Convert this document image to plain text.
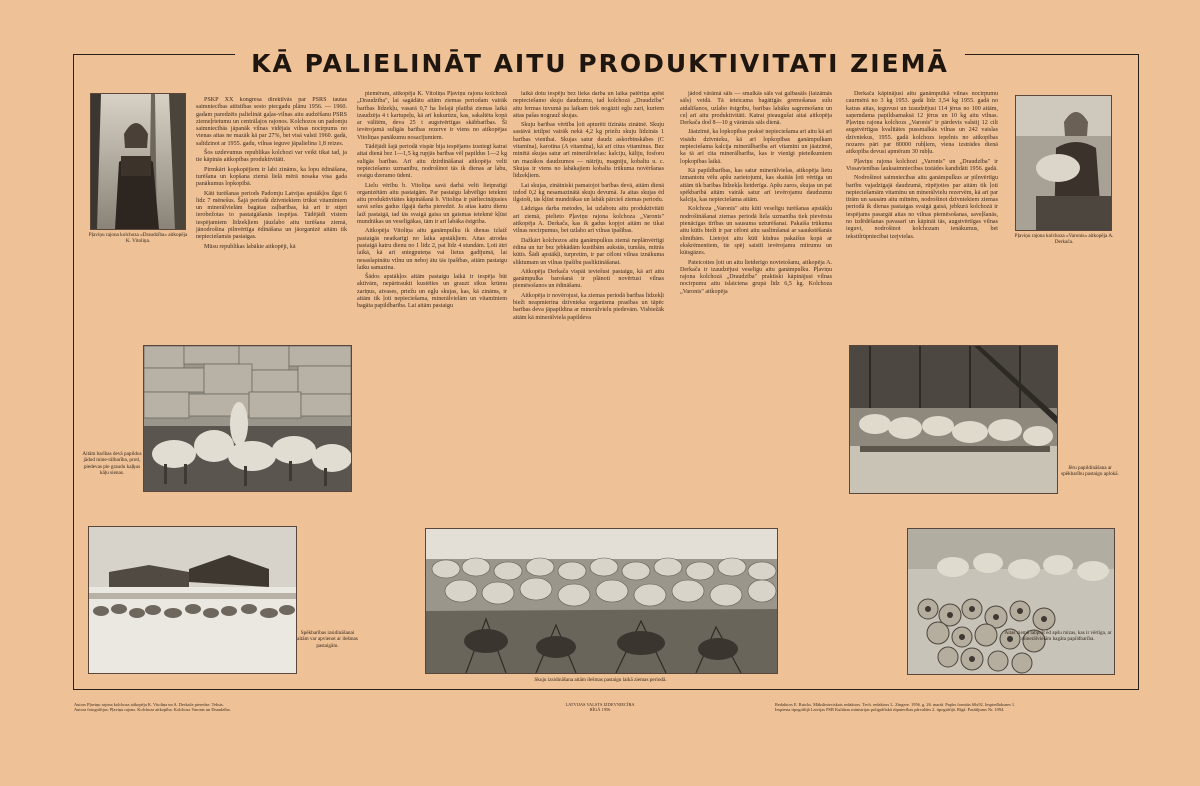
KĀ PALIELINĀT AITU PRODUKTIVITATI ZIEMĀ
Pļaviņu rajona kolchoza «Draudzība» aitkopēja K. Vitoliņa.

PSKP XX kongresa direktīvās par PSRS tautas saimniecības attīstības sesto piecgadu plānu 1956. — 1960. gadam paredzēts palielināt gaļas-vilnas aitu audzēšanu PSRS ziemeļrietumu un centrālajos rajonos. Kolchozos un padomju saimniecībās jāpanāk vilnas vidējais vilnas nocirpums no vienas aitas ne mazāk kā par 27%, bet visā valstī 1960. gadā, salīdzinot ar 1955. gadu, vilnas ieguve jāpalielina 1,8 reizes.

Šos uzdevumus republikas kolchozi var veikt tikai tad, ja tie kāpinās aitkopības produktivitāti.

Pirmkārt kopkopējiem ir labi zināms, ka lopu ēdināšana, turēšana un kopšana ziemā lielā mērā nosaka visa gada panākumus lopkopībā.

Kāti turēšanas periods Padomju Latvijas apstākļos ilgst 6 līdz 7 mēnešus. Šajā periodā dzīvniekiem trūkst vitamīniem un minerālvielām bagātas zaļbarības, kā arī ir stipri ierobežotas to pastaigāšanās iespējas. Tādējādi visiem iespējamiem līdzekļiem jāuzlabo aitu turēšana ziemā, jānodrošina pilnvērtīga ēdināšana un jāorganizē aitām tik nepieciešamās pastaigas.

Mūsu republikas labākie aitkopēji, kā

Aitām barības devā papildus jādod mine-rālbarība, proti, piedevas pie graudu kaļķus kāļu sienas.

piemēram, aitkopēja K. Vitoliņa Pļaviņu rajona kolchozā „Draudzība", lai sagādātu aitām ziemas periodam vairāk barības līdzekļu, vasarā 0,7 ha lielajā platībā ziemas laikā izaudzēja 4 t kartupeļu, kā arī kukurūzu, kas, sakaltēta kopā ar vālītēm, deva 25 t augstvērtīgas skābbarības. Šī ievērojamā sulīgās barības rezerve ir viens no aitkopējas Vitoliņas panākumu nosacījumiem.

Tādējādi šajā periodā vispār bija iespējams izsniegt katrai aitai dienā bez 1—1,5 kg rupjās barības vēl papildus 1—2 kg sulīgās barības. Arī aitu dzirdināšanai aitkopēja velti nepieciešamo uzmanību, nodrošinot tās ik dienas ar labu, svaigu dzeramo ūdeni.

Lielu vērību b. Vitoliņa savā darbā velti lietpratīgi organizētām aitu pastaigām. Par pastaigu labvēlīgo ietekmi aitu produktivitātes kāpināšanā b. Vitoliņa ir pārliecinājusies savā sešus gadus ilgajā darba pieredzē. Ja aitas katru dienu laiž pastaigā, tad tās svaigā gaisa un gaismas ietekmē kļūst mundrākas un veselīgākas, tām ir arī labāka ēstgriba.

Aitkopēja Vitoliņa aitu ganāmpulku ik dienas izlaiž pastaigās neatkarīgi no laika apstākļiem. Aitas atrodas pastaigā katru dienu no 1 līdz 2, pat līdz 4 stundām. Ļoti ātri laikā, kā arī sniegputeņa vai lietus gadījumā, lai nesaslapinātu vilnu un neboj ātu tās īpašības, aitām pastaigu laiku samazina.

Šādos apstākļos aitām pastaigu laikā ir iespēja būt aktīvām, nepārtraukti kustēties un grauzt sīkus krūmu zariņus, atvases, priežu un egļu skujas, kas, kā zināms, ir aitām tik ļoti nepieciešama, minerālvielām un vitamīniem bagāta papildbarība. Lai aitām pastaigu

laikā dotu iespēju bez lieka darba un laika patēriņa apēst nepieciešamo skuju daudzumu, tad kolchozā „Draudzība" aitu fermas tuvumā pa laikam tiek nogāzti egļu zari, kuriem aitas pašas nograuž skujas.

Skuju barības vērtība ļoti apturēti tīzināta zinātnē. Skuju sastāvā ietilpst vairāk nekā 4,2 kg priežu skuju līdzinās 1 barības vienībai. Skujas satur daudz askorbīnskābes (C vitamīna), karotīna (A vitamīna), kā arī citus vitamīnus. Bez minētā skujas satur arī minerālvielas: kalciju, kāliju, fosforu un mazākos daudzumos — nātriju, magniju, kobaltu u. c. Skujas ir viens no labākajiem kobalta trūkuma novēršanas līdzekļiem.

Lai skujas, zinātniski pamatojot barības devā, aitām dienā izdod 0,2 kg nesamazinātā skuju devumā. Ja aitas skujas ēd ilgstoši, tās kļūst mundrākas un labāk pārcieš ziemas periodu.

Lādzigas darba metodes, lai uzlabotu aitu produktivitāti arī ziemā, pielieto Pļaviņu rajona kolchoza „Varonis" aitkopēja A. Derkača, kas ik gadus kopjot aitām ne tikai vilnas nocirpumus, bet uzlabo arī vilnas īpašības.

Dažkārt kolchozos aitu ganāmpulkus ziemā neplānvērtīgi ēdina un tur bez jebkādām kustībām aukstās, tumšās, mitrās kūtīs. Šādi apstākļi, turpretim, ir par cēloni vilnas iznākuma sliktumam un vilnas īpašību pasliktināšanai.

Aitkopēja Derkača vispāi ieviešusi pastaigu, kā arī aitu ganāmpulka barošanā ir plānoti novērtusi vilnas piemēsošanos un ēdināšanu.

Aitkopēja ir novērojusi, ka ziemas periodā barības līdzekļi bieži neapmierina dzīvnieka organisma prasības un tāpēc barības deva jāpapildina ar minerālvielu piedevām. Visbiežāk aitām kā minerālviela papildeva

jādod vārāmā sāls — smalkās sāls vai galbasāls (laizāmās sāls) veidā. Tā ieteicama bagātīgās gremošanas sulu atdalīšanos, uzlabo ēstgribu, barības labāku sagremošanu un ceļ arī aitu produktivitāti. Katrai pieaugušai aitai aitkopēja Derkača dod 8—10 g vārāmās sāls dienā.

Jāatzīmē, ka lopkopības praksē nepieciešama arī aitu kā arī visādu dzīvnieku, kā arī lopkopības ganāmpulkam nepieciešama kalcija minerālbarība arī vitamīni un jāatzīmē, ka tā arī cita minerālbarība, kas ir vienīgi pieteikumiem lopkopības laikā.

Kā papildbarības, kas satur minerālvielas, aitkopēja lietu izmantotu vēlu apšu zarietojumi, kas skaitās ļoti vērtīga un aitām tik barības līdzekļa lietderīga. Apšu zaros, skujas un pat spēkbarībā aitām vairāk satur arī ievērojamu daudzumu kalcija, kas nepieciešama aitām.

Kolchoza „Varonis" aitu kūti veselīgu turēšanas apstākļu nodrošināšanai ziemas periodā liela uzmanība tiek pievērsta pienācīgas tīrības un sausuma uzturēšanai. Pakaiša trūkuma aitu kūtīs bieži ir par cēloni aitu saslimšanai ar saaukstēšanās slimībām. Lietojot aitu kūtī kūdras pakaišus kopā ar ekskrēmentiem, tie spēj saistīt ievērojamu mitrumu un kūtsgāzes.

Pateicoties ļoti un aitu lietderīgo novietošanu, aitkopēja A. Derkača ir izaudzējusi veselīgu aitu ganāmpulku. Pļaviņu rajona kolchozā „Draudzība" praktiski kāpinājusi vilnas nocirpumu aitu īslaiciena grupā līdz 6,5 kg. Kolchoza „Varonis" aitkopēja

Derkača kāpinājusi aitu ganāmpulkā vilnas nocirpumu caurmērā no 3 kg 1953. gadā līdz 3,54 kg 1955. gadā no katras aitas, ieguvusi un izaudzējusi 114 jērus no 100 aitām, saņemdama papildsamaksā 12 jērus un 10 kg aitu vilnas. Pļaviņu rajona kolchozs „Varonis" ir pārdevis valstij 12 cilt augstvērtīgas kvalitātes pussmalkās vilnas un 242 vaislas dzīvniekus, 1955. gadā kolchozs iepelnis no aitkopības nozares pāri par 80000 rubļiem, viena izstrādes dienā aitkopība devusi apmēram 30 rubļu.

Pļaviņu rajona kolchozi „Varonis" un „Draudzība" ir Vissavienības lauksaimniecības izstādes kandidāti 1956. gadā.

Nodrošinot saimniecības aitu ganāmpulkus ar pilnvērtīgu barību vajadzīgajā daudzumā, rūpējoties par aitām tik ļoti nepieciešamām vitamīnu un minerālvielu rezervēm, kā arī par tīrām un sausām aitu mītnēm, nodrošinot dzīvniekiem ziemas periodā ik dienas pastaigas svaigā gaisā, jebkurā kolchozā ir iespējams pasargāt aitas no vilnas piemēsošanas, saveļšanās, no izdēdēšanas pavasarī un kāpināt tās, augstvērtīgas vilnas ieguvi, nodrošinot kolchozam ienākumus, bet tekstilrūpniecībai izejvielas.	Pļaviņu rajona kolchoza «Varonis» aitkopēja A. Derkača.
Jēru papildināšana ar spēkbarību pastaigu aplokā.
Spēkbarības izsidināšanai aitām var apvienot ar ilešmas pastaigām.
Skuju izsidināšana aitām ilešmas pastaigu laikā ziemas periodā.
Aitas ziemā labprāt ēd apšu mizas, kas ir vērtīga, ar minerālvielām bagāta papildbarība.
Autors Pļaviņu rajona kolchoza aitkopēja K. Vitoliņa un A. Derkača pieredze. Teksts.
Autora fotogrāfijas: Pļaviņu rajons. Kolchoza aitkopība. Kolchozs Varonis un Draudzība.
LATVIJAS VALSTS IZDEVNIECĪBA
RĪGĀ 1956
Redaktors E. Ruicks. Mākslinieciskais redaktors. Tech. redaktors L. Zingere. 1956. g. 26. martā. Papīrs formāts 60x92. Iespiedloksnes 1.
Iespiesta tipogrāfijā Latvijas PSR Kultūras ministrijas poligrāfiskā rūpniecības pārvaldes 2. tipogrāfijā. Rīgā. Pasūtījums Nr. 1094.
